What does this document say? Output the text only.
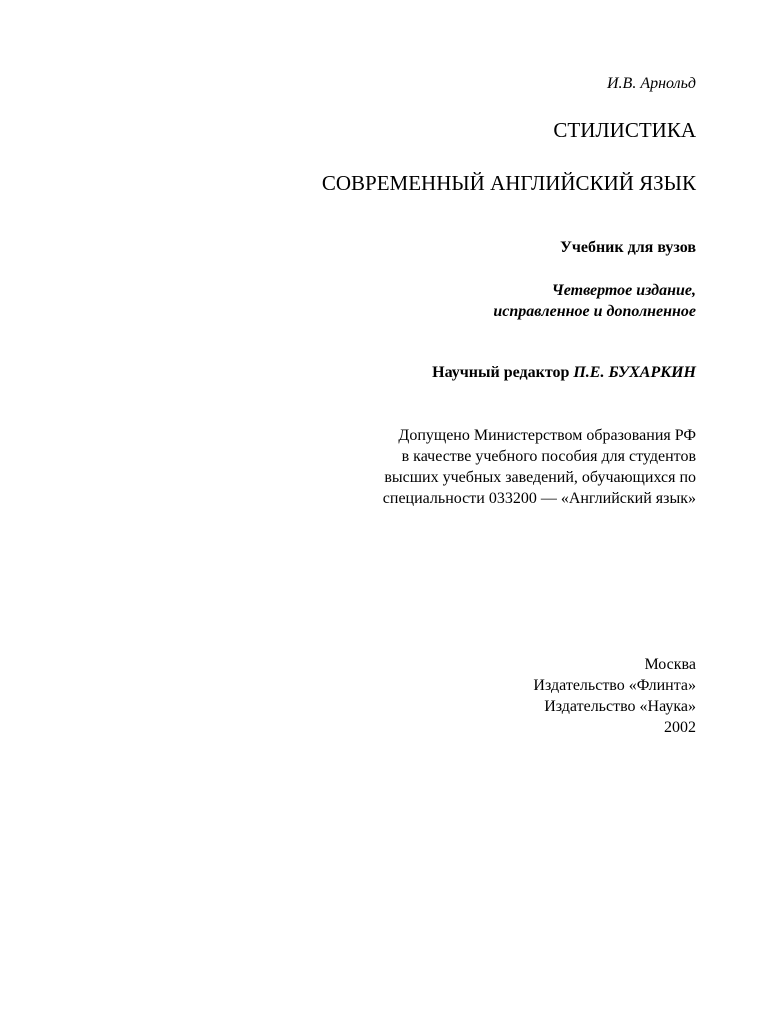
И.В. Арнольд
СТИЛИСТИКА
СОВРЕМЕННЫЙ АНГЛИЙСКИЙ ЯЗЫК
Учебник для вузов
Четвертое издание,
исправленное и дополненное
Научный редактор П.Е. БУХАРКИН
Допущено Министерством образования РФ
в качестве учебного пособия для студентов
высших учебных заведений, обучающихся по
специальности 033200 — «Английский язык»
Москва
Издательство «Флинта»
Издательство «Наука»
2002
